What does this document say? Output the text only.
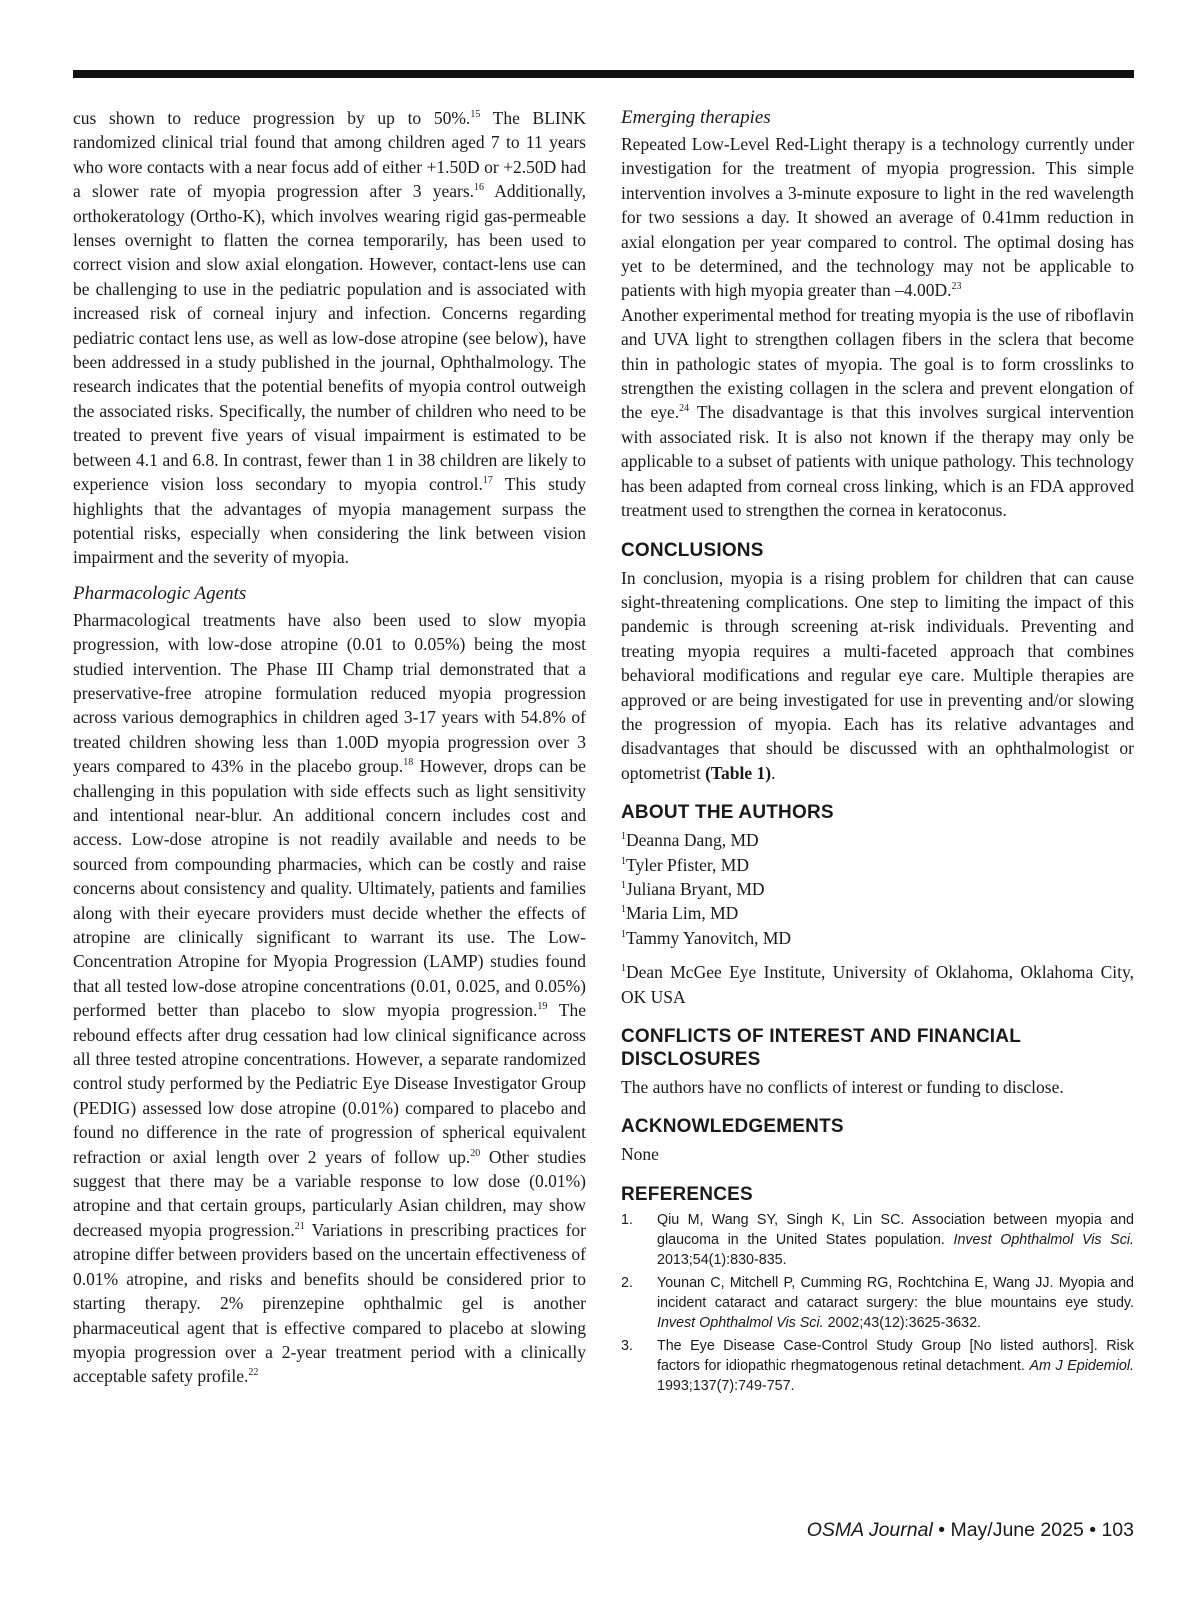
cus shown to reduce progression by up to 50%.$^{15}$ The BLINK randomized clinical trial found that among children aged 7 to 11 years who wore contacts with a near focus add of either +1.50D or +2.50D had a slower rate of myopia progression after 3 years.$^{16}$ Additionally, orthokeratology (Ortho-K), which involves wearing rigid gas-permeable lenses overnight to flatten the cornea temporarily, has been used to correct vision and slow axial elongation. However, contact-lens use can be challenging to use in the pediatric population and is associated with increased risk of corneal injury and infection. Concerns regarding pediatric contact lens use, as well as low-dose atropine (see below), have been addressed in a study published in the journal, Ophthalmology. The research indicates that the potential benefits of myopia control outweigh the associated risks. Specifically, the number of children who need to be treated to prevent five years of visual impairment is estimated to be between 4.1 and 6.8. In contrast, fewer than 1 in 38 children are likely to experience vision loss secondary to myopia control.$^{17}$ This study highlights that the advantages of myopia management surpass the potential risks, especially when considering the link between vision impairment and the severity of myopia.

Pharmacologic Agents

Pharmacological treatments have also been used to slow myopia progression, with low-dose atropine (0.01 to 0.05%) being the most studied intervention. The Phase III Champ trial demonstrated that a preservative-free atropine formulation reduced myopia progression across various demographics in children aged 3-17 years with 54.8% of treated children showing less than 1.00D myopia progression over 3 years compared to 43% in the placebo group.$^{18}$ However, drops can be challenging in this population with side effects such as light sensitivity and intentional near-blur. An additional concern includes cost and access. Low-dose atropine is not readily available and needs to be sourced from compounding pharmacies, which can be costly and raise concerns about consistency and quality. Ultimately, patients and families along with their eyecare providers must decide whether the effects of atropine are clinically significant to warrant its use. The Low-Concentration Atropine for Myopia Progression (LAMP) studies found that all tested low-dose atropine concentrations (0.01, 0.025, and 0.05%) performed better than placebo to slow myopia progression.$^{19}$ The rebound effects after drug cessation had low clinical significance across all three tested atropine concentrations. However, a separate randomized control study performed by the Pediatric Eye Disease Investigator Group (PEDIG) assessed low dose atropine (0.01%) compared to placebo and found no difference in the rate of progression of spherical equivalent refraction or axial length over 2 years of follow up.$^{20}$ Other studies suggest that there may be a variable response to low dose (0.01%) atropine and that certain groups, particularly Asian children, may show decreased myopia progression.$^{21}$ Variations in prescribing practices for atropine differ between providers based on the uncertain effectiveness of 0.01% atropine, and risks and benefits should be considered prior to starting therapy. 2% pirenzepine ophthalmic gel is another pharmaceutical agent that is effective compared to placebo at slowing myopia progression over a 2-year treatment period with a clinically acceptable safety profile.$^{22}$

Emerging therapies

Repeated Low-Level Red-Light therapy is a technology currently under investigation for the treatment of myopia progression. This simple intervention involves a 3-minute exposure to light in the red wavelength for two sessions a day. It showed an average of 0.41mm reduction in axial elongation per year compared to control. The optimal dosing has yet to be determined, and the technology may not be applicable to patients with high myopia greater than –4.00D.$^{23}$

Another experimental method for treating myopia is the use of riboflavin and UVA light to strengthen collagen fibers in the sclera that become thin in pathologic states of myopia. The goal is to form crosslinks to strengthen the existing collagen in the sclera and prevent elongation of the eye.$^{24}$ The disadvantage is that this involves surgical intervention with associated risk. It is also not known if the therapy may only be applicable to a subset of patients with unique pathology. This technology has been adapted from corneal cross linking, which is an FDA approved treatment used to strengthen the cornea in keratoconus.

CONCLUSIONS

In conclusion, myopia is a rising problem for children that can cause sight-threatening complications. One step to limiting the impact of this pandemic is through screening at-risk individuals. Preventing and treating myopia requires a multi-faceted approach that combines behavioral modifications and regular eye care. Multiple therapies are approved or are being investigated for use in preventing and/or slowing the progression of myopia. Each has its relative advantages and disadvantages that should be discussed with an ophthalmologist or optometrist (Table 1).

ABOUT THE AUTHORS
$^1$Deanna Dang, MD
$^1$Tyler Pfister, MD
$^1$Juliana Bryant, MD
$^1$Maria Lim, MD
$^1$Tammy Yanovitch, MD

$^1$Dean McGee Eye Institute, University of Oklahoma, Oklahoma City, OK USA

CONFLICTS OF INTEREST AND FINANCIAL DISCLOSURES

The authors have no conflicts of interest or funding to disclose.

ACKNOWLEDGEMENTS

None

REFERENCES
1. Qiu M, Wang SY, Singh K, Lin SC. Association between myopia and glaucoma in the United States population. Invest Ophthalmol Vis Sci. 2013;54(1):830-835.
2. Younan C, Mitchell P, Cumming RG, Rochtchina E, Wang JJ. Myopia and incident cataract and cataract surgery: the blue mountains eye study. Invest Ophthalmol Vis Sci. 2002;43(12):3625-3632.
3. The Eye Disease Case-Control Study Group [No listed authors]. Risk factors for idiopathic rhegmatogenous retinal detachment. Am J Epidemiol. 1993;137(7):749-757.
OSMA Journal • May/June 2025 • 103
